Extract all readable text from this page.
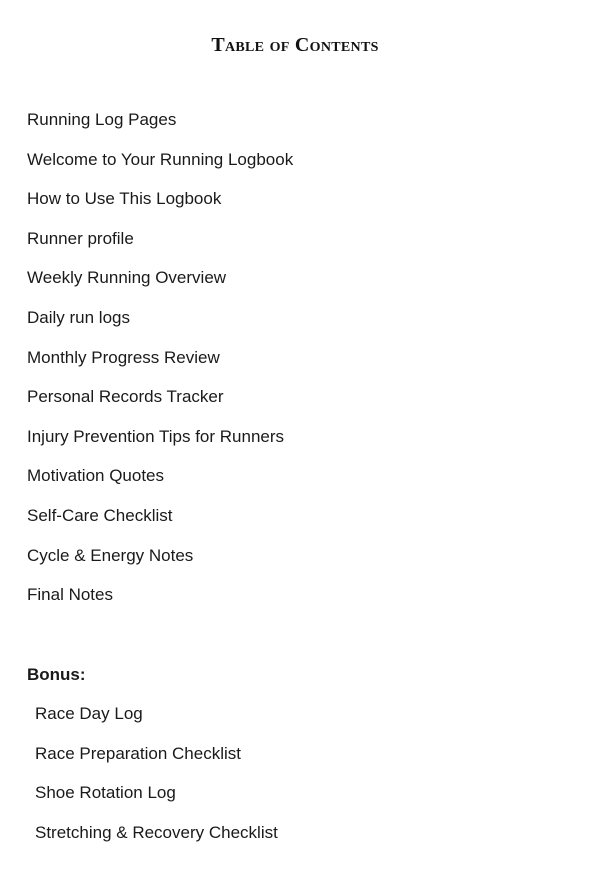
Table of Contents
Running Log Pages
Welcome to Your Running Logbook
How to Use This Logbook
Runner profile
Weekly Running Overview
Daily run logs
Monthly Progress Review
Personal Records Tracker
Injury Prevention Tips for Runners
Motivation Quotes
Self-Care Checklist
Cycle & Energy Notes
Final Notes
Bonus:
Race Day Log
Race Preparation Checklist
Shoe Rotation Log
Stretching & Recovery Checklist
